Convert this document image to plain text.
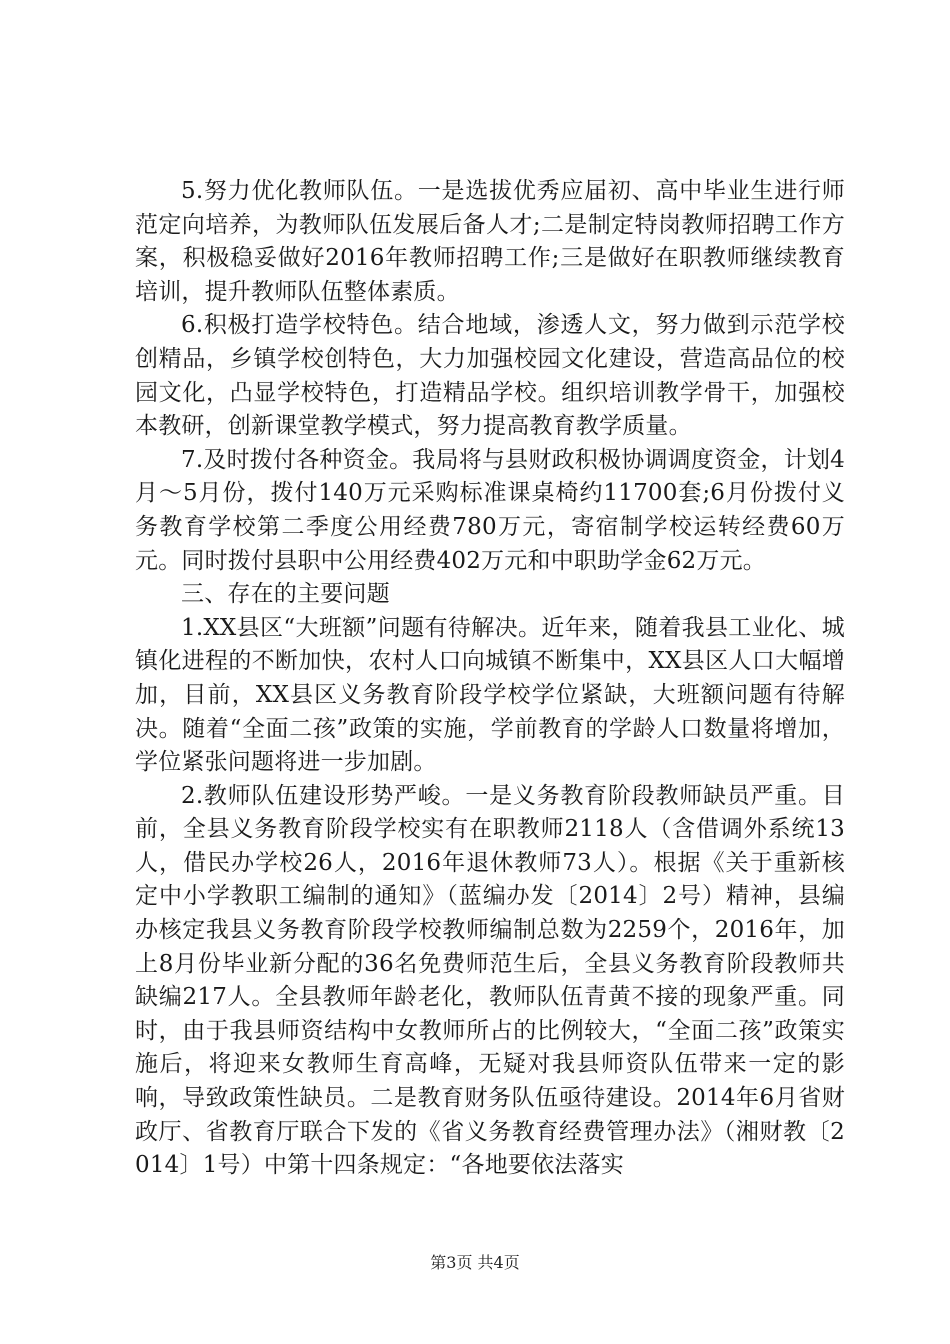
5.努力优化教师队伍。一是选拔优秀应届初、高中毕业生进行师范定向培养，为教师队伍发展后备人才;二是制定特岗教师招聘工作方案，积极稳妥做好2016年教师招聘工作;三是做好在职教师继续教育培训，提升教师队伍整体素质。

6.积极打造学校特色。结合地域，渗透人文，努力做到示范学校创精品，乡镇学校创特色，大力加强校园文化建设，营造高品位的校园文化，凸显学校特色，打造精品学校。组织培训教学骨干，加强校本教研，创新课堂教学模式，努力提高教育教学质量。

7.及时拨付各种资金。我局将与县财政积极协调调度资金，计划4月～5月份，拨付140万元采购标准课桌椅约11700套;6月份拨付义务教育学校第二季度公用经费780万元，寄宿制学校运转经费60万元。同时拨付县职中公用经费402万元和中职助学金62万元。

三、存在的主要问题

1.XX县区“大班额”问题有待解决。近年来，随着我县工业化、城镇化进程的不断加快，农村人口向城镇不断集中，XX县区人口大幅增加，目前，XX县区义务教育阶段学校学位紧缺，大班额问题有待解决。随着“全面二孩”政策的实施，学前教育的学龄人口数量将增加，学位紧张问题将进一步加剧。

2.教师队伍建设形势严峻。一是义务教育阶段教师缺员严重。目前，全县义务教育阶段学校实有在职教师2118人（含借调外系统13人，借民办学校26人，2016年退休教师73人）。根据《关于重新核定中小学教职工编制的通知》（蓝编办发〔2014〕2号）精神，县编办核定我县义务教育阶段学校教师编制总数为2259个，2016年，加上8月份毕业新分配的36名免费师范生后，全县义务教育阶段教师共缺编217人。全县教师年龄老化，教师队伍青黄不接的现象严重。同时，由于我县师资结构中女教师所占的比例较大，“全面二孩”政策实施后，将迎来女教师生育高峰，无疑对我县师资队伍带来一定的影响，导致政策性缺员。二是教育财务队伍亟待建设。2014年6月省财政厅、省教育厅联合下发的《省义务教育经费管理办法》（湘财教〔2014〕1号）中第十四条规定：“各地要依法落实

第3页 共4页
